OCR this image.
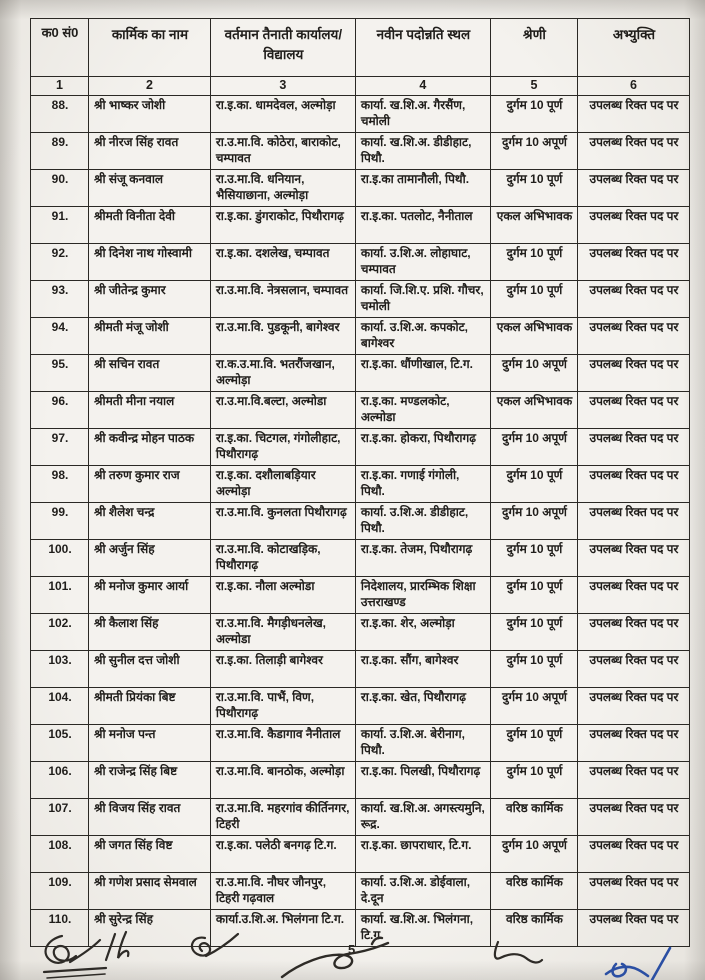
क0 सं0	कार्मिक का नाम	वर्तमान तैनाती कार्यालय/ विद्यालय	नवीन पदोन्नति स्थल	श्रेणी	अभ्युक्ति
1	2	3	4	5	6
88.	श्री भाष्कर जोशी	रा.इ.का. धामदेवल, अल्मोड़ा	कार्या. ख.शि.अ. गैरसैंण, चमोली	दुर्गम 10 पूर्ण	उपलब्ध रिक्त पद पर
89.	श्री नीरज सिंह रावत	रा.उ.मा.वि. कोठेरा, बाराकोट, चम्पावत	कार्या. ख.शि.अ. डीडीहाट, पिथौ.	दुर्गम 10 अपूर्ण	उपलब्ध रिक्त पद पर
90.	श्री संजू कनवाल	रा.उ.मा.वि. धनियान, भैसियाछाना, अल्मोड़ा	रा.इ.का तामानौली, पिथौ.	दुर्गम 10 पूर्ण	उपलब्ध रिक्त पद पर
91.	श्रीमती विनीता देवी	रा.इ.का. डुंगराकोट, पिथौरागढ़	रा.इ.का. पतलोट, नैनीताल	एकल अभिभावक	उपलब्ध रिक्त पद पर
92.	श्री दिनेश नाथ गोस्वामी	रा.इ.का. दशलेख, चम्पावत	कार्या. उ.शि.अ. लोहाघाट, चम्पावत	दुर्गम 10 पूर्ण	उपलब्ध रिक्त पद पर
93.	श्री जीतेन्द्र कुमार	रा.उ.मा.वि. नेत्रसलान, चम्पावत	कार्या. जि.शि.ए. प्रशि. गौचर, चमोली	दुर्गम 10 पूर्ण	उपलब्ध रिक्त पद पर
94.	श्रीमती मंजू जोशी	रा.उ.मा.वि. पुडकूनी, बागेश्वर	कार्या. उ.शि.अ. कपकोट, बागेश्वर	एकल अभिभावक	उपलब्ध रिक्त पद पर
95.	श्री सचिन रावत	रा.क.उ.मा.वि. भतरौंजखान, अल्मोड़ा	रा.इ.का. धौंणीखाल, टि.ग.	दुर्गम 10 अपूर्ण	उपलब्ध रिक्त पद पर
96.	श्रीमती मीना नयाल	रा.उ.मा.वि.बल्टा, अल्मोडा	रा.इ.का. मण्डलकोट, अल्मोडा	एकल अभिभावक	उपलब्ध रिक्त पद पर
97.	श्री कवीन्द्र मोहन पाठक	रा.इ.का. चिटगल, गंगोलीहाट, पिथौरागढ़	रा.इ.का. होकरा, पिथौरागढ़	दुर्गम 10 अपूर्ण	उपलब्ध रिक्त पद पर
98.	श्री तरुण कुमार राज	रा.इ.का. दशौलाबड़ियार अल्मोड़ा	रा.इ.का. गणाई गंगोली, पिथौ.	दुर्गम 10 पूर्ण	उपलब्ध रिक्त पद पर
99.	श्री शैलेश चन्द्र	रा.उ.मा.वि. कुनलता पिथौरागढ़	कार्या. उ.शि.अ. डीडीहाट, पिथौ.	दुर्गम 10 अपूर्ण	उपलब्ध रिक्त पद पर
100.	श्री अर्जुन सिंह	रा.उ.मा.वि. कोटाखड़िक, पिथौरागढ़	रा.इ.का. तेजम, पिथौरागढ़	दुर्गम 10 पूर्ण	उपलब्ध रिक्त पद पर
101.	श्री मनोज कुमार आर्या	रा.इ.का. नौला अल्मोडा	निदेशालय, प्रारम्भिक शिक्षा उत्तराखण्ड	दुर्गम 10 पूर्ण	उपलब्ध रिक्त पद पर
102.	श्री कैलाश सिंह	रा.उ.मा.वि. मैगड़ीधनलेख, अल्मोडा	रा.इ.का. शेर, अल्मोड़ा	दुर्गम 10 पूर्ण	उपलब्ध रिक्त पद पर
103.	श्री सुनील दत्त जोशी	रा.इ.का. तिलाड़ी बागेश्वर	रा.इ.का. सौंग, बागेश्वर	दुर्गम 10 पूर्ण	उपलब्ध रिक्त पद पर
104.	श्रीमती प्रियंका बिष्ट	रा.उ.मा.वि. पाभैं, विण, पिथौरागढ़	रा.इ.का. खेत, पिथौरागढ़	दुर्गम 10 अपूर्ण	उपलब्ध रिक्त पद पर
105.	श्री मनोज पन्त	रा.उ.मा.वि. कैडागाव नैनीताल	कार्या. उ.शि.अ. बेरीनाग, पिथौ.	दुर्गम 10 पूर्ण	उपलब्ध रिक्त पद पर
106.	श्री राजेन्द्र सिंह बिष्ट	रा.उ.मा.वि. बानठोक, अल्मोड़ा	रा.इ.का. पिलखी, पिथौरागढ़	दुर्गम 10 पूर्ण	उपलब्ध रिक्त पद पर
107.	श्री विजय सिंह रावत	रा.उ.मा.वि. महरगांव कीर्तिनगर, टिहरी	कार्या. ख.शि.अ. अगस्त्यमुनि, रूद्र.	वरिष्ठ कार्मिक	उपलब्ध रिक्त पद पर
108.	श्री जगत सिंह विष्ट	रा.इ.का. पलेठी बनगढ़ टि.ग.	रा.इ.का. छापराधार, टि.ग.	दुर्गम 10 अपूर्ण	उपलब्ध रिक्त पद पर
109.	श्री गणेश प्रसाद सेमवाल	रा.उ.मा.वि. नौघर जौनपुर, टिहरी गढ़वाल	कार्या. उ.शि.अ. डोईवाला, दे.दून	वरिष्ठ कार्मिक	उपलब्ध रिक्त पद पर
110.	श्री सुरेन्द्र सिंह	कार्या.उ.शि.अ. भिलंगना टि.ग.	कार्या. ख.शि.अ. भिलंगना, टि.ग.	वरिष्ठ कार्मिक	उपलब्ध रिक्त पद पर
5
